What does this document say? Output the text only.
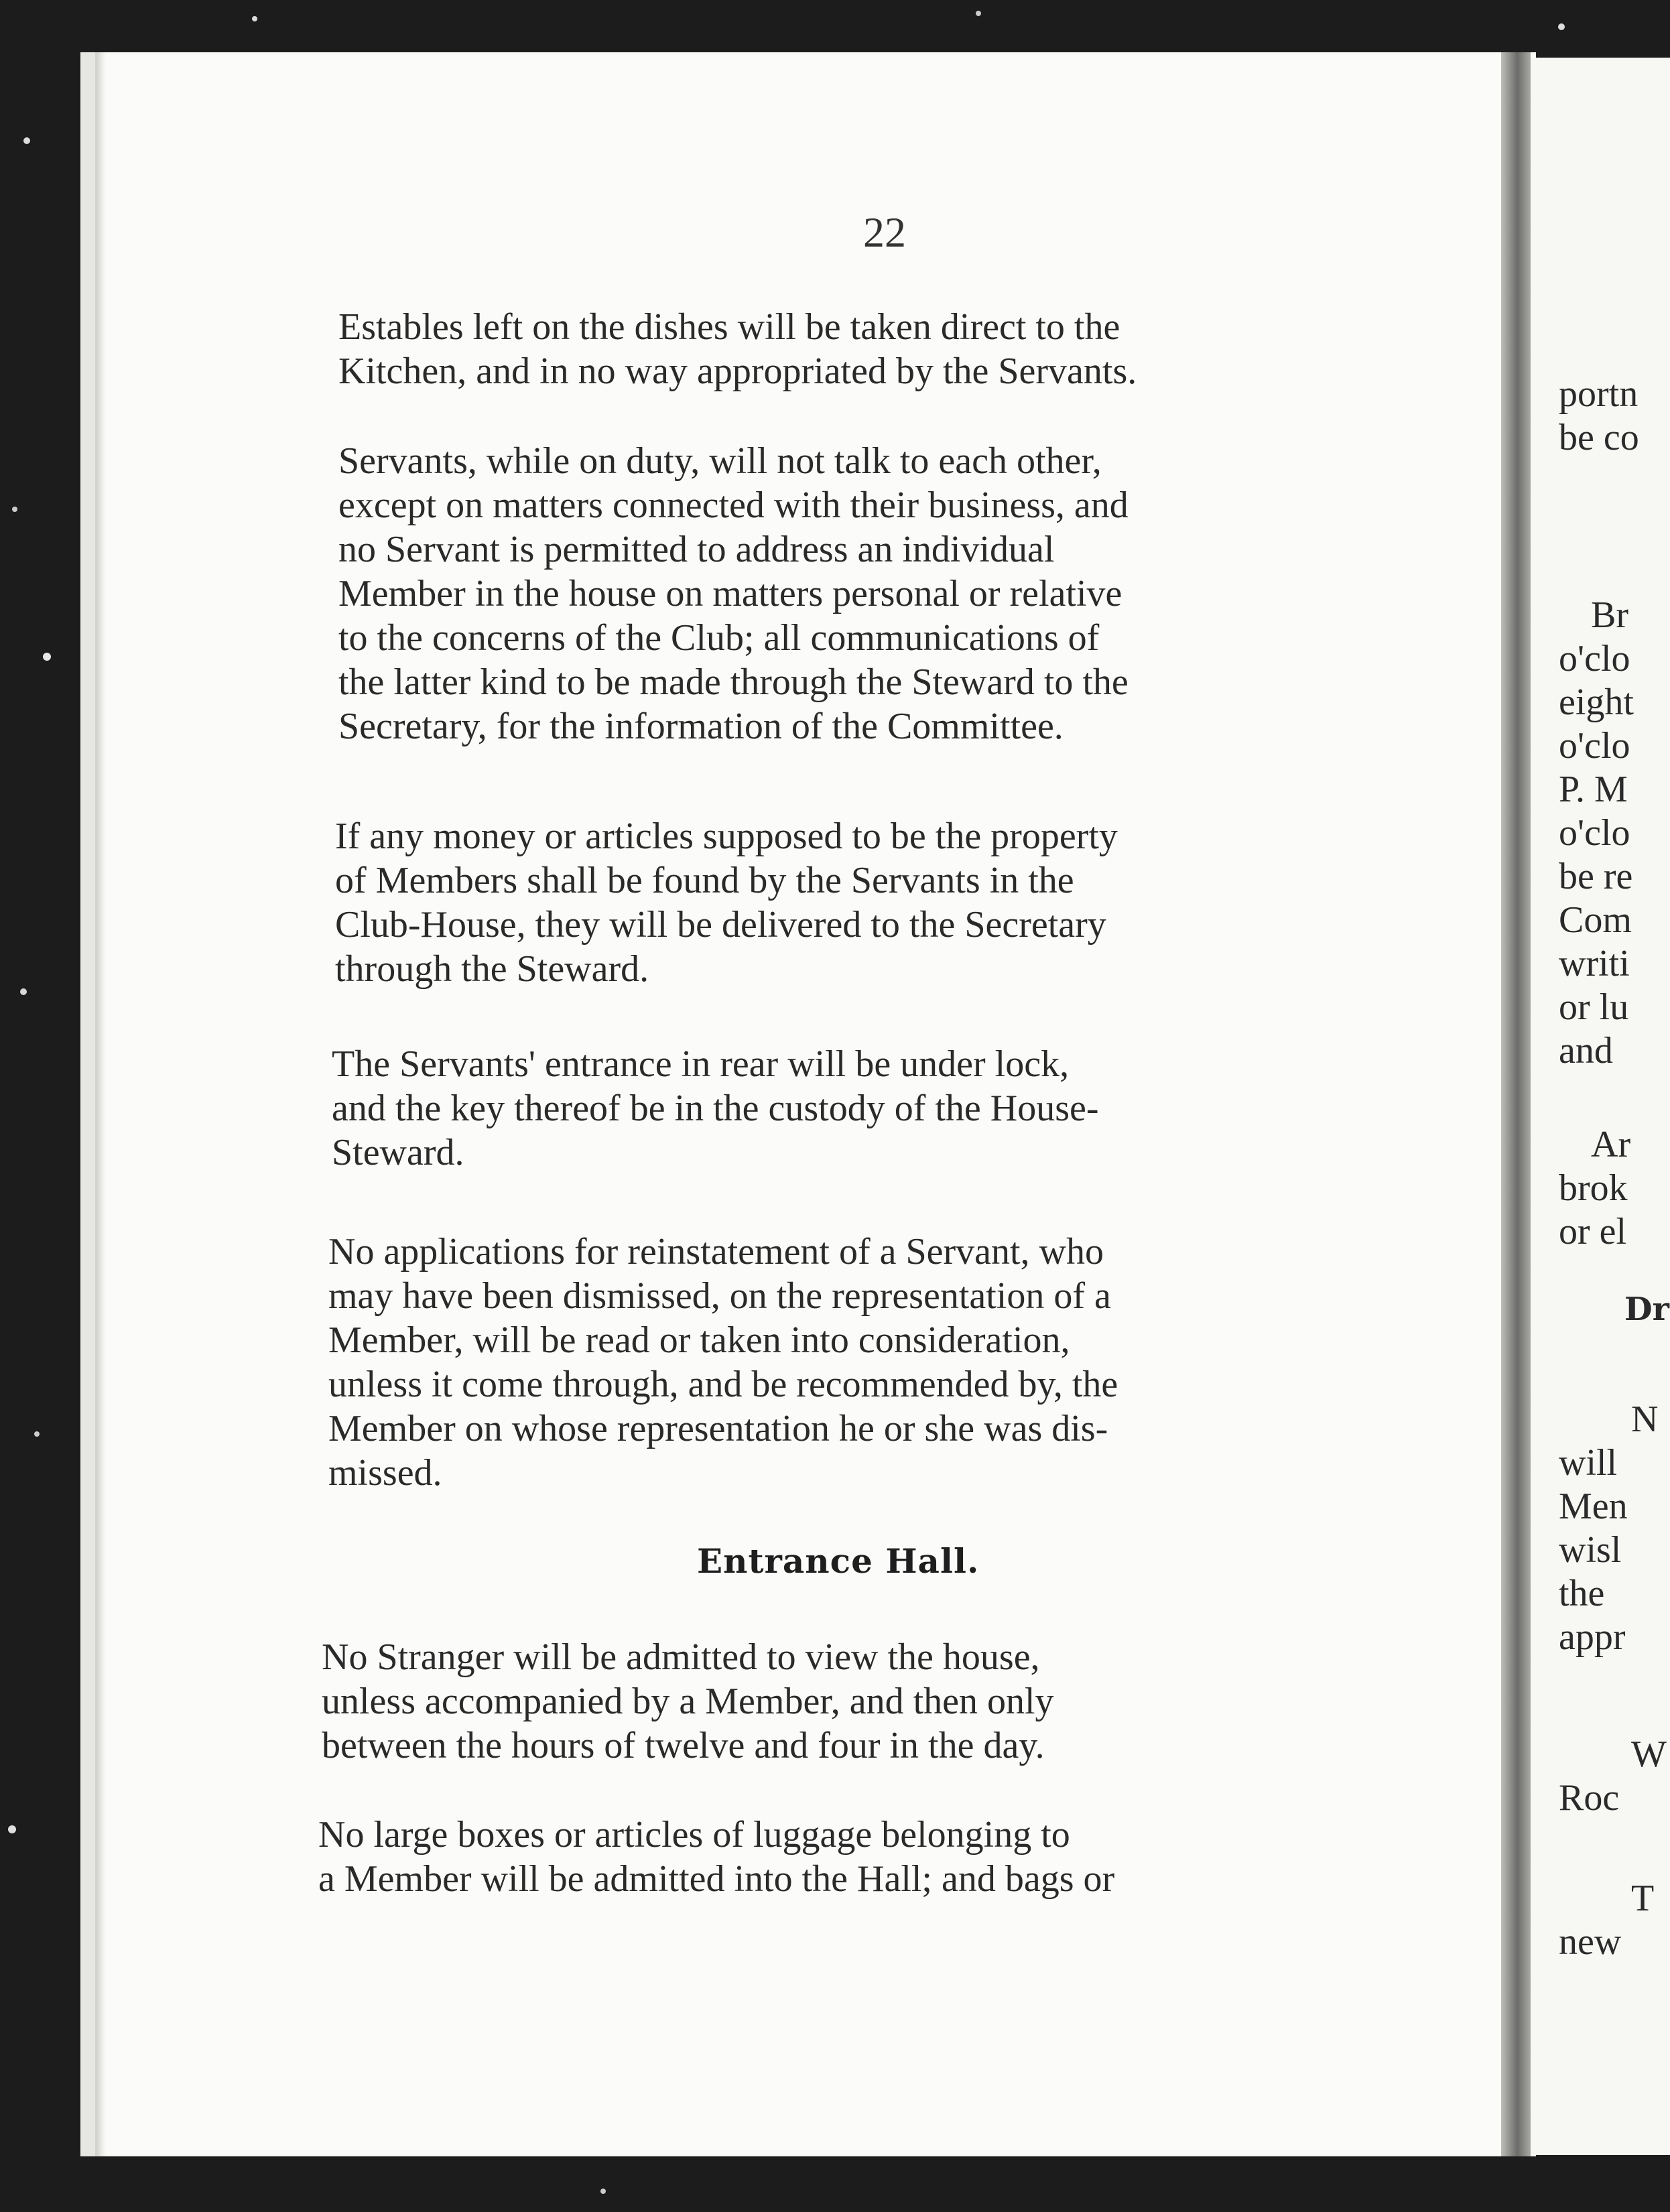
22

Estables left on the dishes will be taken direct to the
Kitchen, and in no way appropriated by the Servants.

Servants, while on duty, will not talk to each other,
except on matters connected with their business, and
no Servant is permitted to address an individual
Member in the house on matters personal or relative
to the concerns of the Club; all communications of
the latter kind to be made through the Steward to the
Secretary, for the information of the Committee.

If any money or articles supposed to be the property
of Members shall be found by the Servants in the
Club-House, they will be delivered to the Secretary
through the Steward.

The Servants' entrance in rear will be under lock,
and the key thereof be in the custody of the House-
Steward.

No applications for reinstatement of a Servant, who
may have been dismissed, on the representation of a
Member, will be read or taken into consideration,
unless it come through, and be recommended by, the
Member on whose representation he or she was dis-
missed.

Entrance Hall.

No Stranger will be admitted to view the house,
unless accompanied by a Member, and then only
between the hours of twelve and four in the day.

No large boxes or articles of luggage belonging to
a Member will be admitted into the Hall; and bags or

portn
be co
Br
o'clo
eight
o'clo
P. M
o'clo
be re
Com
writi
or lu
and
Ar
brok
or el
Dr
N
will
Men
wisl
the
appr
W
Roc
T
new
